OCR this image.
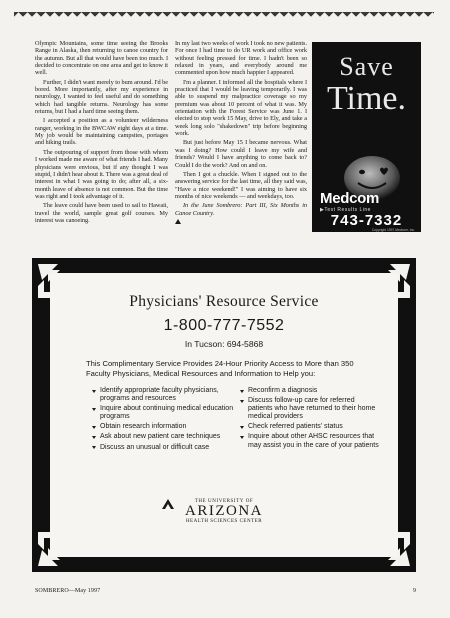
Olympic Mountains, some time seeing the Brooks Range in Alaska, then returning to canoe country for the autumn. But all that would have been too much. I decided to concentrate on one area and get to know it well.

Further, I didn't want merely to bum around. I'd be bored. More importantly, after my experience in neurology, I wanted to feel useful and do something which had tangible returns. Neurology has some returns, but I had a hard time seeing them.

I accepted a position as a volunteer wilderness ranger, working in the BWCAW eight days at a time. My job would be maintaining campsites, portages and hiking trails.

The outpouring of support from those with whom I worked made me aware of what friends I had. Many physicians were envious, but if any thought I was stupid, I didn't hear about it. There was a great deal of interest in what I was going to do; after all, a six-month leave of absence is not common. But the time was right and I took advantage of it.

The leave could have been used to sail to Hawaii, travel the world, sample great golf courses. My interest was canoeing.

In my last two weeks of work I took no new patients. For once I had time to do UR work and office work without feeling pressed for time. I hadn't been so relaxed in years, and everybody around me commented upon how much happier I appeared.

I'm a planner. I informed all the hospitals where I practiced that I would be leaving temporarily. I was able to suspend my malpractice coverage so my premium was about 10 percent of what it was. My orientation with the Forest Service was June 1. I elected to stop work 15 May, drive to Ely, and take a week long solo "shakedown" trip before beginning work.

But just before May 15 I became nervous. What was I doing? How could I leave my wife and friends? Would I have anything to come back to? Could I do the work? And on and on.

Then I got a chuckle. When I signed out to the answering service for the last time, all they said was, "Have a nice weekend!" I was aiming to have six months of nice weekends — and weekdays, too.

In the June Sombrero: Part III, Six Months in Canoe Country.

Save
Time.
Medcom
▶Test Results Line
743-7332
Copyright 1997 Medcom, Inc.
Physicians' Resource Service
1-800-777-7552
In Tucson: 694-5868
This Complimentary Service Provides 24-Hour Priority Access to More than 350 Faculty Physicians, Medical Resources and Information to Help you:
Identify appropriate faculty physicians, programs and resources
Inquire about continuing medical education programs
Obtain research information
Ask about new patient care techniques
Discuss an unusual or difficult case
Reconfirm a diagnosis
Discuss follow-up care for referred patients who have returned to their home medical providers
Check referred patients' status
Inquire about other AHSC resources that may assist you in the care of your patients
THE UNIVERSITY OF
ARIZONA
HEALTH SCIENCES CENTER
SOMBRERO—May 1997	9
